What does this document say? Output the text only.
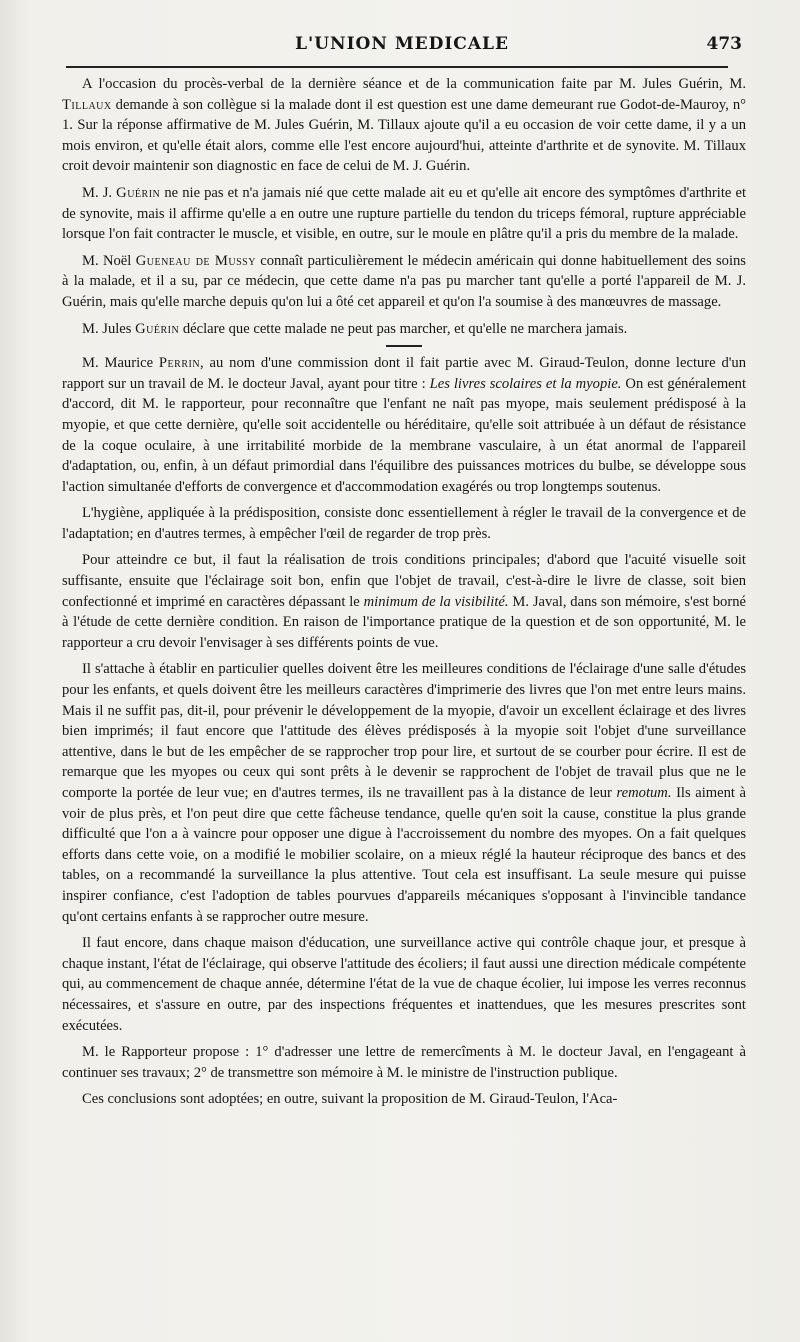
L'UNION MEDICALE	473

A l'occasion du procès-verbal de la dernière séance et de la communication faite par M. Jules Guérin, M. Tillaux demande à son collègue si la malade dont il est question est une dame demeurant rue Godot-de-Mauroy, n° 1. Sur la réponse affirmative de M. Jules Guérin, M. Tillaux ajoute qu'il a eu occasion de voir cette dame, il y a un mois environ, et qu'elle était alors, comme elle l'est encore aujourd'hui, atteinte d'arthrite et de synovite. M. Tillaux croit devoir maintenir son diagnostic en face de celui de M. J. Guérin.

M. J. Guérin ne nie pas et n'a jamais nié que cette malade ait eu et qu'elle ait encore des symptômes d'arthrite et de synovite, mais il affirme qu'elle a en outre une rupture partielle du tendon du triceps fémoral, rupture appréciable lorsque l'on fait contracter le muscle, et visible, en outre, sur le moule en plâtre qu'il a pris du membre de la malade.

M. Noël Gueneau de Mussy connaît particulièrement le médecin américain qui donne habituellement des soins à la malade, et il a su, par ce médecin, que cette dame n'a pas pu marcher tant qu'elle a porté l'appareil de M. J. Guérin, mais qu'elle marche depuis qu'on lui a ôté cet appareil et qu'on l'a soumise à des manœuvres de massage.

M. Jules Guérin déclare que cette malade ne peut pas marcher, et qu'elle ne marchera jamais.

M. Maurice Perrin, au nom d'une commission dont il fait partie avec M. Giraud-Teulon, donne lecture d'un rapport sur un travail de M. le docteur Javal, ayant pour titre : Les livres scolaires et la myopie. On est généralement d'accord, dit M. le rapporteur, pour reconnaître que l'enfant ne naît pas myope, mais seulement prédisposé à la myopie, et que cette dernière, qu'elle soit accidentelle ou héréditaire, qu'elle soit attribuée à un défaut de résistance de la coque oculaire, à une irritabilité morbide de la membrane vasculaire, à un état anormal de l'appareil d'adaptation, ou, enfin, à un défaut primordial dans l'équilibre des puissances motrices du bulbe, se développe sous l'action simultanée d'efforts de convergence et d'accommodation exagérés ou trop longtemps soutenus.

L'hygiène, appliquée à la prédisposition, consiste donc essentiellement à régler le travail de la convergence et de l'adaptation; en d'autres termes, à empêcher l'œil de regarder de trop près.

Pour atteindre ce but, il faut la réalisation de trois conditions principales; d'abord que l'acuité visuelle soit suffisante, ensuite que l'éclairage soit bon, enfin que l'objet de travail, c'est-à-dire le livre de classe, soit bien confectionné et imprimé en caractères dépassant le minimum de la visibilité. M. Javal, dans son mémoire, s'est borné à l'étude de cette dernière condition. En raison de l'importance pratique de la question et de son opportunité, M. le rapporteur a cru devoir l'envisager à ses différents points de vue.

Il s'attache à établir en particulier quelles doivent être les meilleures conditions de l'éclairage d'une salle d'études pour les enfants, et quels doivent être les meilleurs caractères d'imprimerie des livres que l'on met entre leurs mains. Mais il ne suffit pas, dit-il, pour prévenir le développement de la myopie, d'avoir un excellent éclairage et des livres bien imprimés; il faut encore que l'attitude des élèves prédisposés à la myopie soit l'objet d'une surveillance attentive, dans le but de les empêcher de se rapprocher trop pour lire, et surtout de se courber pour écrire. Il est de remarque que les myopes ou ceux qui sont prêts à le devenir se rapprochent de l'objet de travail plus que ne le comporte la portée de leur vue; en d'autres termes, ils ne travaillent pas à la distance de leur remotum. Ils aiment à voir de plus près, et l'on peut dire que cette fâcheuse tendance, quelle qu'en soit la cause, constitue la plus grande difficulté que l'on a à vaincre pour opposer une digue à l'accroissement du nombre des myopes. On a fait quelques efforts dans cette voie, on a modifié le mobilier scolaire, on a mieux réglé la hauteur réciproque des bancs et des tables, on a recommandé la surveillance la plus attentive. Tout cela est insuffisant. La seule mesure qui puisse inspirer confiance, c'est l'adoption de tables pourvues d'appareils mécaniques s'opposant à l'invincible tandance qu'ont certains enfants à se rapprocher outre mesure.

Il faut encore, dans chaque maison d'éducation, une surveillance active qui contrôle chaque jour, et presque à chaque instant, l'état de l'éclairage, qui observe l'attitude des écoliers; il faut aussi une direction médicale compétente qui, au commencement de chaque année, détermine l'état de la vue de chaque écolier, lui impose les verres reconnus nécessaires, et s'assure en outre, par des inspections fréquentes et inattendues, que les mesures prescrites sont exécutées.

M. le Rapporteur propose : 1° d'adresser une lettre de remercîments à M. le docteur Javal, en l'engageant à continuer ses travaux; 2° de transmettre son mémoire à M. le ministre de l'instruction publique.

Ces conclusions sont adoptées; en outre, suivant la proposition de M. Giraud-Teulon, l'Aca-
